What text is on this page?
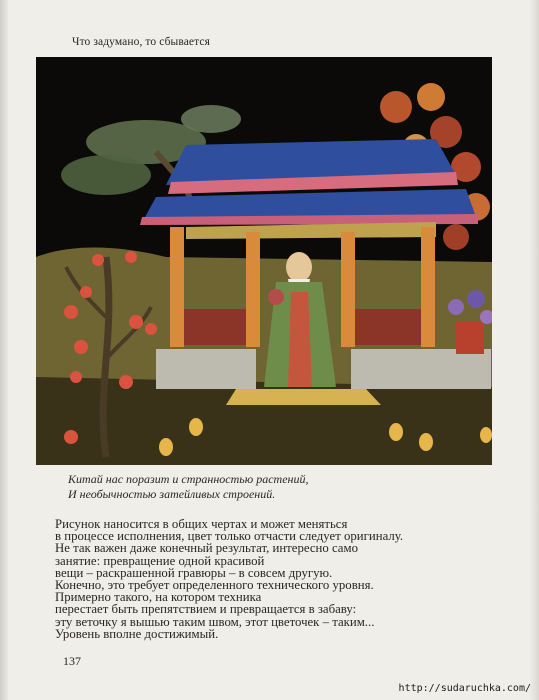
Что задумано, то сбывается
Китай нас поразит и странностью растений,
И необычностью затейливых строений.
Рисунок наносится в общих чертах и может меняться
в процессе исполнения, цвет только отчасти следует оригиналу.
Не так важен даже конечный результат, интересно само
занятие: превращение одной красивой
вещи – раскрашенной гравюры – в совсем другую.
Конечно, это требует определенного технического уровня.
Примерно такого, на котором техника
перестает быть препятствием и превращается в забаву:
эту веточку я вышью таким швом, этот цветочек – таким...
Уровень вполне достижимый.
137
http://sudaruchka.com/
